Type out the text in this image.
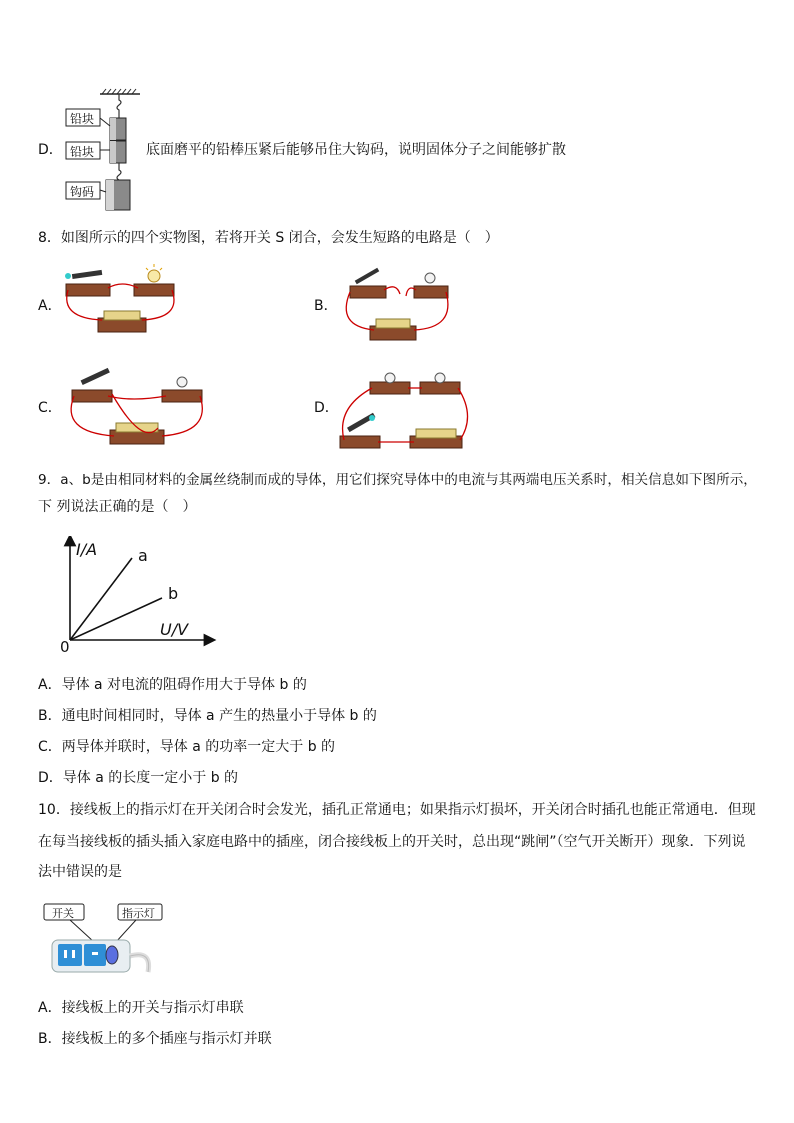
铅块
铅块
钩码
D．	底面磨平的铅棒压紧后能够吊住大钩码，说明固体分子之间能够扩散
8．如图所示的四个实物图，若将开关 S 闭合，会发生短路的电路是（　）
A．	B．
C．	D．
9．a、b是由相同材料的金属丝绕制而成的导体，用它们探究导体中的电流与其两端电压关系时，相关信息如下图所示，
下 列说法正确的是（　）
I/A
U/V
0
a
b
A．导体 a 对电流的阻碍作用大于导体 b 的
B．通电时间相同时，导体 a 产生的热量小于导体 b 的
C．两导体并联时，导体 a 的功率一定大于 b 的
D．导体 a 的长度一定小于 b 的
10．接线板上的指示灯在开关闭合时会发光，插孔正常通电；如果指示灯损坏，开关闭合时插孔也能正常通电．但现
在每当接线板的插头插入家庭电路中的插座，闭合接线板上的开关时，总出现“跳闸”（空气开关断开）现象．下列说
法中错误的是
开关	指示灯
A．接线板上的开关与指示灯串联
B．接线板上的多个插座与指示灯并联
